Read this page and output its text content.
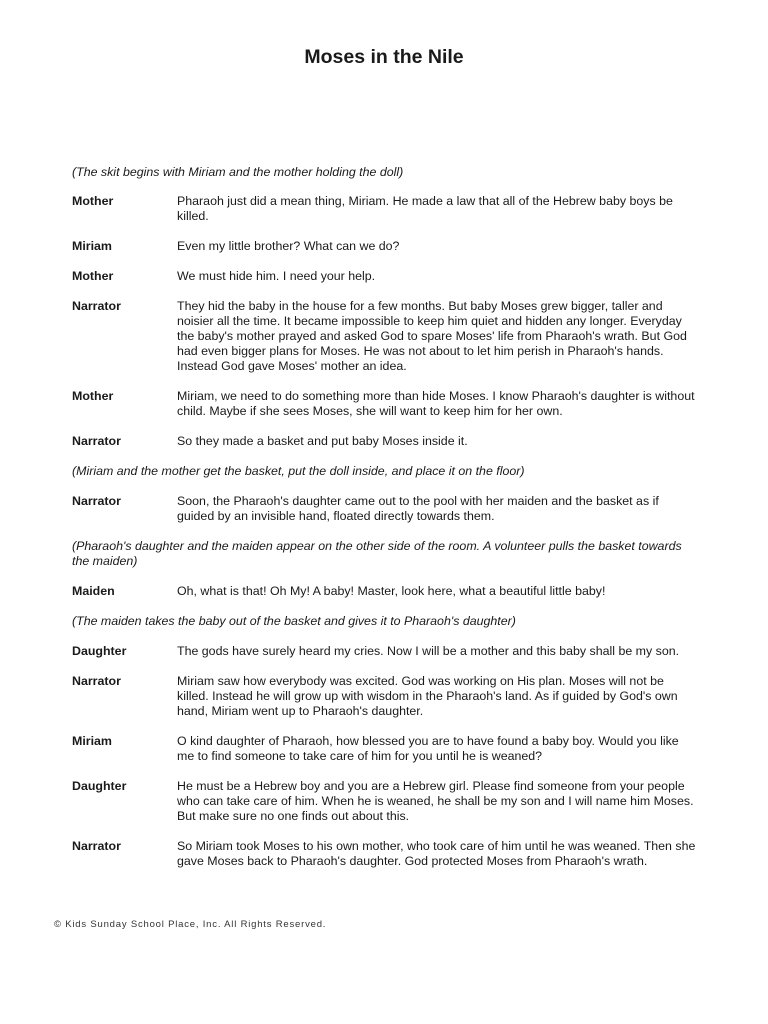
Moses in the Nile
(The skit begins with Miriam and the mother holding the doll)
Mother	Pharaoh just did a mean thing, Miriam. He made a law that all of the Hebrew baby boys be killed.
Miriam	Even my little brother? What can we do?
Mother	We must hide him. I need your help.
Narrator	They hid the baby in the house for a few months. But baby Moses grew bigger, taller and noisier all the time. It became impossible to keep him quiet and hidden any longer. Everyday the baby's mother prayed and asked God to spare Moses' life from Pharaoh's wrath. But God had even bigger plans for Moses. He was not about to let him perish in Pharaoh's hands. Instead God gave Moses' mother an idea.
Mother	Miriam, we need to do something more than hide Moses. I know Pharaoh's daughter is without child. Maybe if she sees Moses, she will want to keep him for her own.
Narrator	So they made a basket and put baby Moses inside it.
(Miriam and the mother get the basket, put the doll inside, and place it on the floor)
Narrator	Soon, the Pharaoh's daughter came out to the pool with her maiden and the basket as if guided by an invisible hand, floated directly towards them.
(Pharaoh's daughter and the maiden appear on the other side of the room. A volunteer pulls the basket towards the maiden)
Maiden	Oh, what is that! Oh My! A baby! Master, look here, what a beautiful little baby!
(The maiden takes the baby out of the basket and gives it to Pharaoh's daughter)
Daughter	The gods have surely heard my cries. Now I will be a mother and this baby shall be my son.
Narrator	Miriam saw how everybody was excited. God was working on His plan. Moses will not be killed. Instead he will grow up with wisdom in the Pharaoh's land. As if guided by God's own hand, Miriam went up to Pharaoh's daughter.
Miriam	O kind daughter of Pharaoh, how blessed you are to have found a baby boy. Would you like me to find someone to take care of him for you until he is weaned?
Daughter	He must be a Hebrew boy and you are a Hebrew girl. Please find someone from your people who can take care of him. When he is weaned, he shall be my son and I will name him Moses. But make sure no one finds out about this.
Narrator	So Miriam took Moses to his own mother, who took care of him until he was weaned. Then she gave Moses back to Pharaoh's daughter. God protected Moses from Pharaoh's wrath.
© Kids Sunday School Place, Inc. All Rights Reserved.
